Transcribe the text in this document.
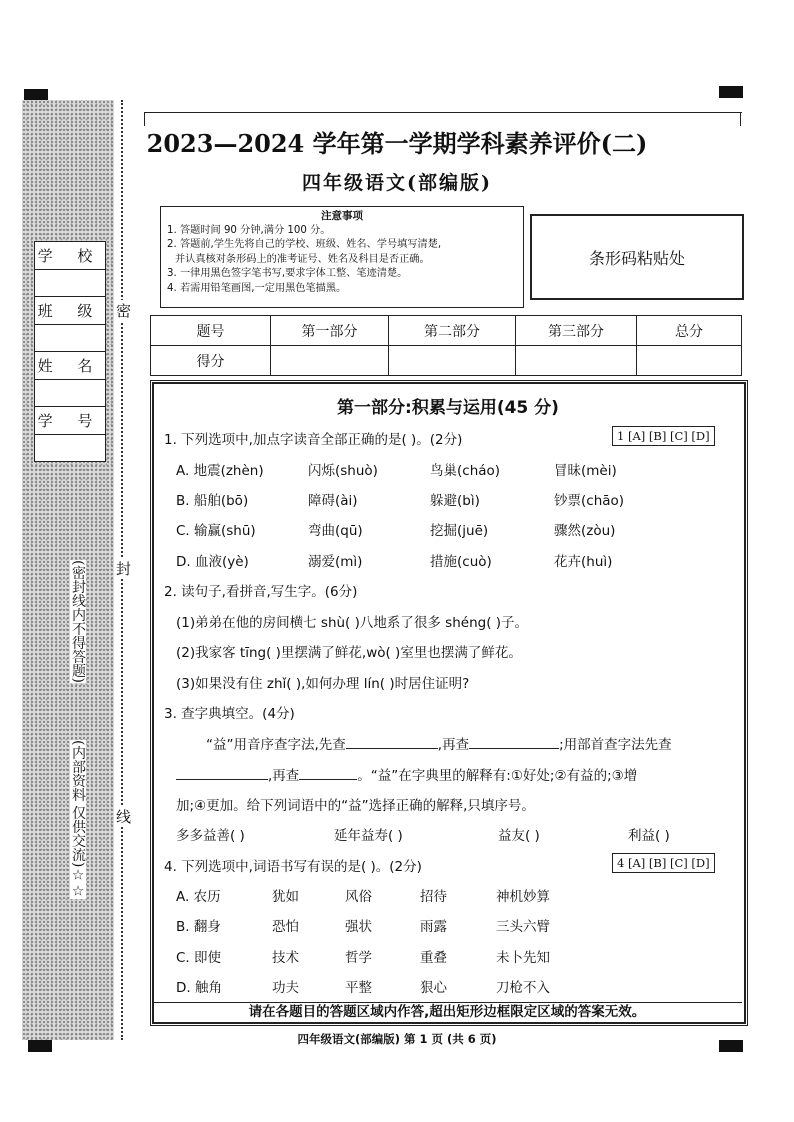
学 校

班 级

姓 名

学 号

(密封线内不得答题)
(内部资料 仅供交流)☆☆
密
封
线
2023—2024 学年第一学期学科素养评价(二)
四年级语文(部编版)
注意事项

1. 答题时间 90 分钟,满分 100 分。

2. 答题前,学生先将自己的学校、班级、姓名、学号填写清楚,

并认真核对条形码上的准考证号、姓名及科目是否正确。

3. 一律用黑色签字笔书写,要求字体工整、笔迹清楚。

4. 若需用铅笔画图,一定用黑色笔描黑。

条形码粘贴处
题号	第一部分	第二部分	第三部分	总分
得分				
第一部分:积累与运用(45 分)
1. 下列选项中,加点字读音全部正确的是( )。(2分)	1 [A] [B] [C] [D]
A. 地震(zhèn)	闪烁(shuò)	鸟巢(cháo)	冒昧(mèi)
B. 船舶(bō)	障碍(ài)	躲避(bì)	钞票(chāo)
C. 输赢(shū)	弯曲(qū)	挖掘(juē)	骤然(zòu)
D. 血液(yè)	溺爱(mì)	措施(cuò)	花卉(huì)
2. 读句子,看拼音,写生字。(6分)
(1)弟弟在他的房间横七 shù( )八地系了很多 shéng( )子。
(2)我家客 tīng( )里摆满了鲜花,wò( )室里也摆满了鲜花。
(3)如果没有住 zhǐ( ),如何办理 lín( )时居住证明?
3. 查字典填空。(4分)
“益”用音序查字法,先查	,再查	;用部首查字法先查
,再查	。“益”在字典里的解释有:①好处;②有益的;③增
加;④更加。给下列词语中的“益”选择正确的解释,只填序号。
多多益善( )	延年益寿( )	益友( )	利益( )
4. 下列选项中,词语书写有误的是( )。(2分)	4 [A] [B] [C] [D]
A. 农历	犹如	风俗	招待	神机妙算
B. 翻身	恐怕	强状	雨露	三头六臂
C. 即使	技术	哲学	重叠	未卜先知
D. 触角	功夫	平整	狠心	刀枪不入
请在各题目的答题区域内作答,超出矩形边框限定区域的答案无效。
四年级语文(部编版) 第 1 页 (共 6 页)
